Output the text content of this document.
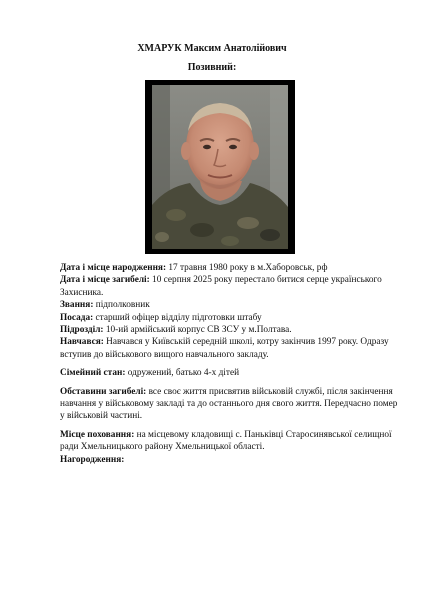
ХМАРУК Максим Анатолійович
Позивний:

Дата і місце народження: 17 травня 1980 року в м.Хаборовськ, рф

Дата і місце загибелі: 10 серпня 2025 року перестало битися серце українського Захисника.

Звання: підполковник

Посада: старший офіцер відділу підготовки штабу

Підрозділ: 10-ий армійський корпус СВ ЗСУ у м.Полтава.

Навчався: Навчався у Київській середній школі, котру закінчив 1997 року. Одразу вступив до військового вищого навчального закладу.

Сімейний стан: одружений, батько 4-х дітей

Обставини загибелі: все своє життя присвятив військовій службі, після закінчення навчання у військовому закладі та до останнього дня свого життя. Передчасно помер у військовій частині.

Місце поховання: на місцевому кладовищі с. Паньківці Старосинявської селищної ради Хмельницького району Хмельницької області.

Нагородження:
